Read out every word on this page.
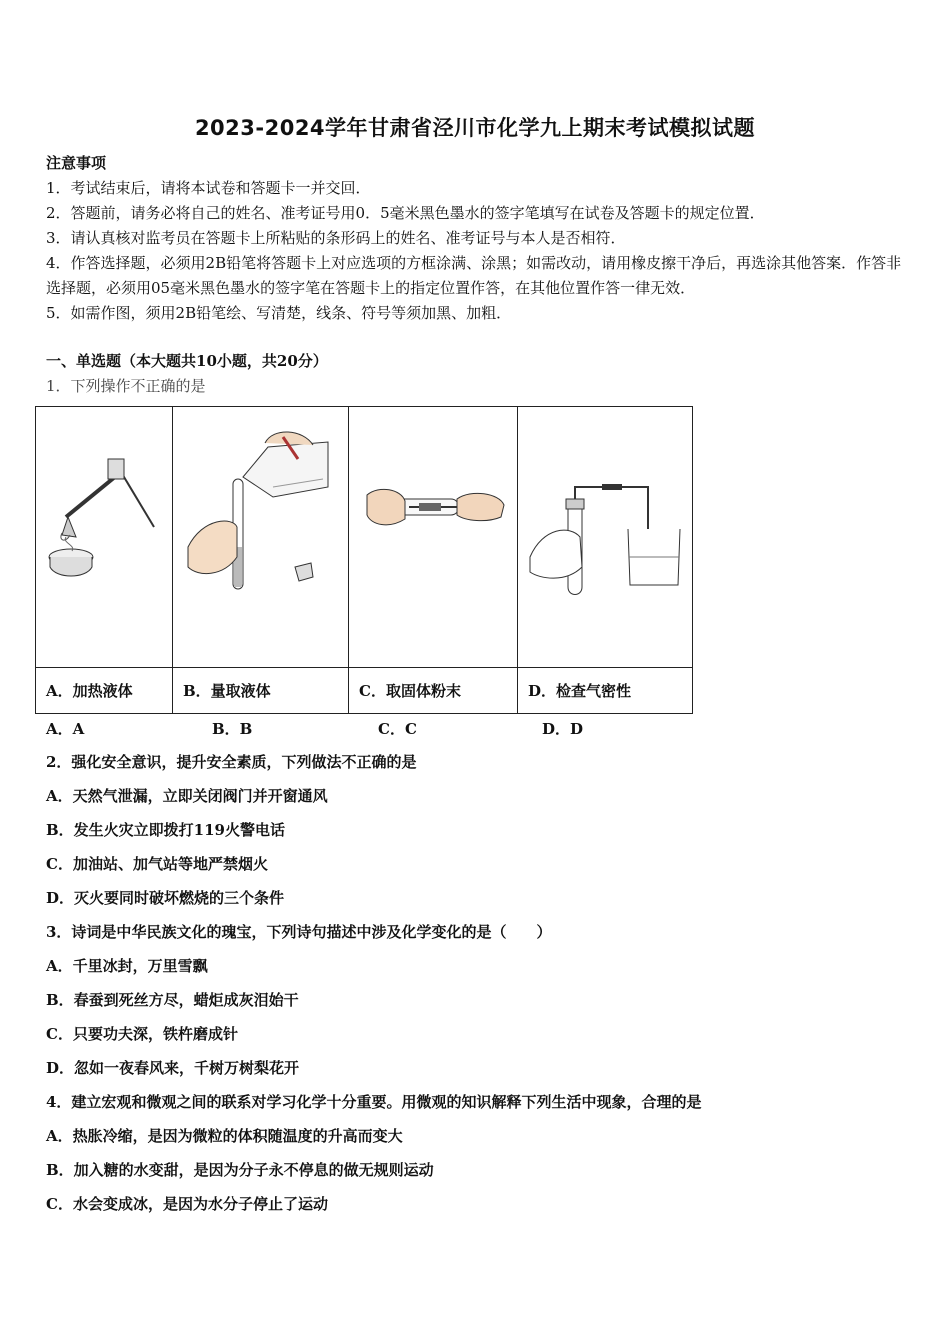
2023-2024学年甘肃省泾川市化学九上期末考试模拟试题
注意事项
1．考试结束后，请将本试卷和答题卡一并交回．
2．答题前，请务必将自己的姓名、准考证号用0．5毫米黑色墨水的签字笔填写在试卷及答题卡的规定位置．
3．请认真核对监考员在答题卡上所粘贴的条形码上的姓名、准考证号与本人是否相符．
4．作答选择题，必须用2B铅笔将答题卡上对应选项的方框涂满、涂黑；如需改动，请用橡皮擦干净后，再选涂其他答案．作答非选择题，必须用05毫米黑色墨水的签字笔在答题卡上的指定位置作答，在其他位置作答一律无效．
5．如需作图，须用2B铅笔绘、写清楚，线条、符号等须加黑、加粗．
一、单选题（本大题共10小题，共20分）
1．下列操作不正确的是

A．加热液体	B．量取液体	C．取固体粉末	D．检查气密性
A．A	B．B	C．C	D．D
2．强化安全意识，提升安全素质，下列做法不正确的是
A．天然气泄漏，立即关闭阀门并开窗通风
B．发生火灾立即拨打119火警电话
C．加油站、加气站等地严禁烟火
D．灭火要同时破坏燃烧的三个条件
3．诗词是中华民族文化的瑰宝，下列诗句描述中涉及化学变化的是（　　）
A．千里冰封，万里雪飘
B．春蚕到死丝方尽，蜡炬成灰泪始干
C．只要功夫深，铁杵磨成针
D．忽如一夜春风来，千树万树梨花开
4．建立宏观和微观之间的联系对学习化学十分重要。用微观的知识解释下列生活中现象，合理的是
A．热胀冷缩，是因为微粒的体积随温度的升高而变大
B．加入糖的水变甜，是因为分子永不停息的做无规则运动
C．水会变成冰，是因为水分子停止了运动
